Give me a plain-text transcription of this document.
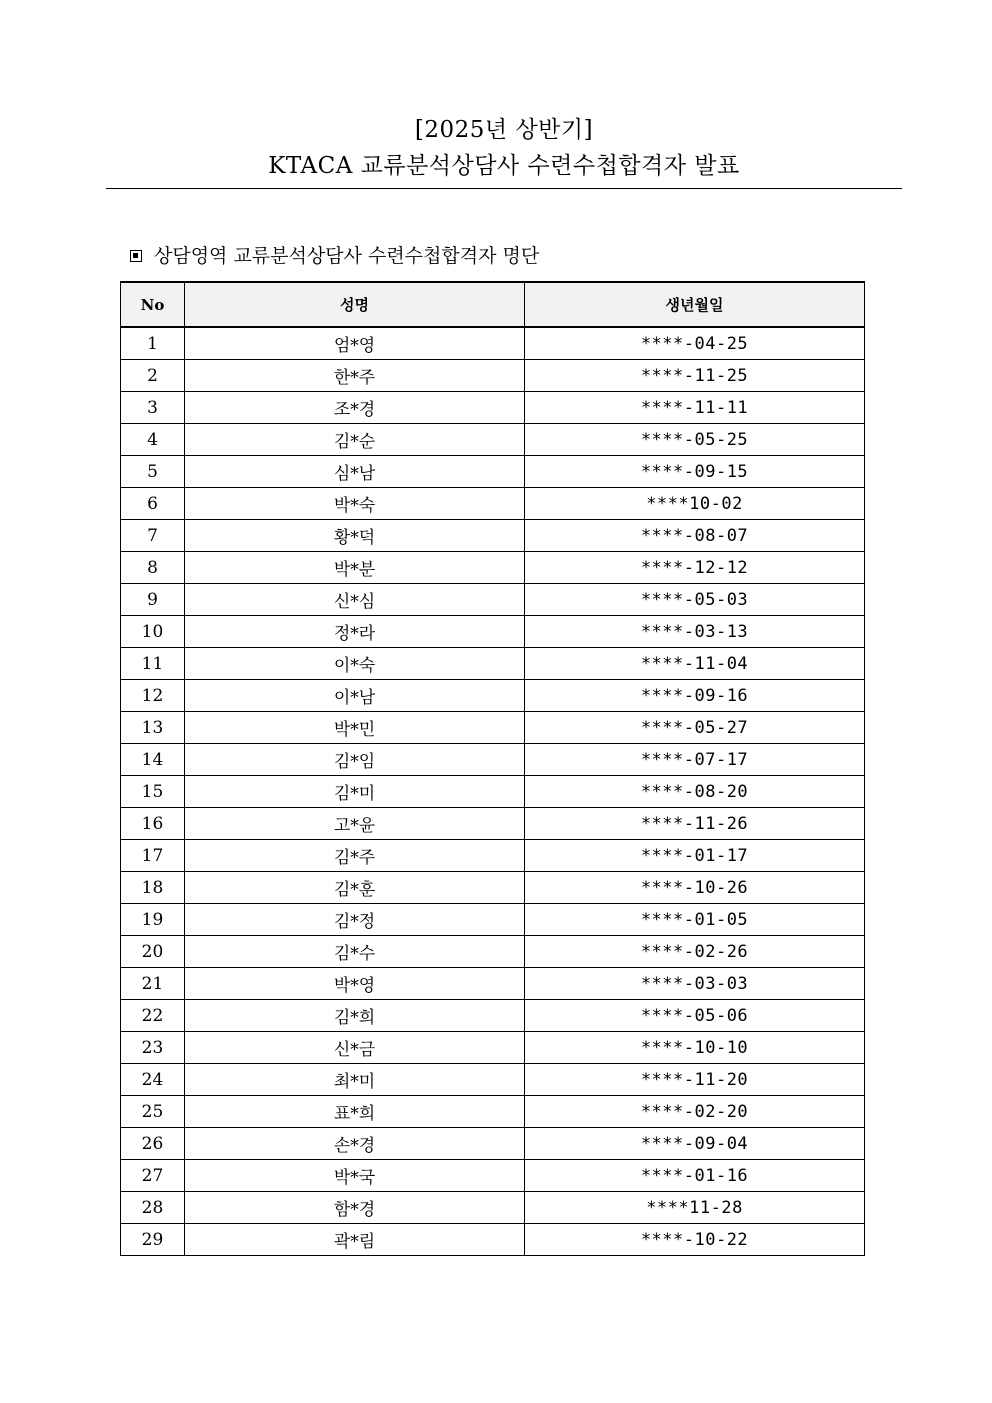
[2025년 상반기]
KTACA 교류분석상담사 수련수첩합격자 발표
상담영역 교류분석상담사 수련수첩합격자 명단
No	성명	생년월일
1	엄*영	****-04-25
2	한*주	****-11-25
3	조*경	****-11-11
4	김*순	****-05-25
5	심*남	****-09-15
6	박*숙	****10-02
7	황*덕	****-08-07
8	박*분	****-12-12
9	신*심	****-05-03
10	정*라	****-03-13
11	이*숙	****-11-04
12	이*남	****-09-16
13	박*민	****-05-27
14	김*임	****-07-17
15	김*미	****-08-20
16	고*윤	****-11-26
17	김*주	****-01-17
18	김*훈	****-10-26
19	김*정	****-01-05
20	김*수	****-02-26
21	박*영	****-03-03
22	김*희	****-05-06
23	신*금	****-10-10
24	최*미	****-11-20
25	표*희	****-02-20
26	손*경	****-09-04
27	박*국	****-01-16
28	함*경	****11-28
29	곽*림	****-10-22
